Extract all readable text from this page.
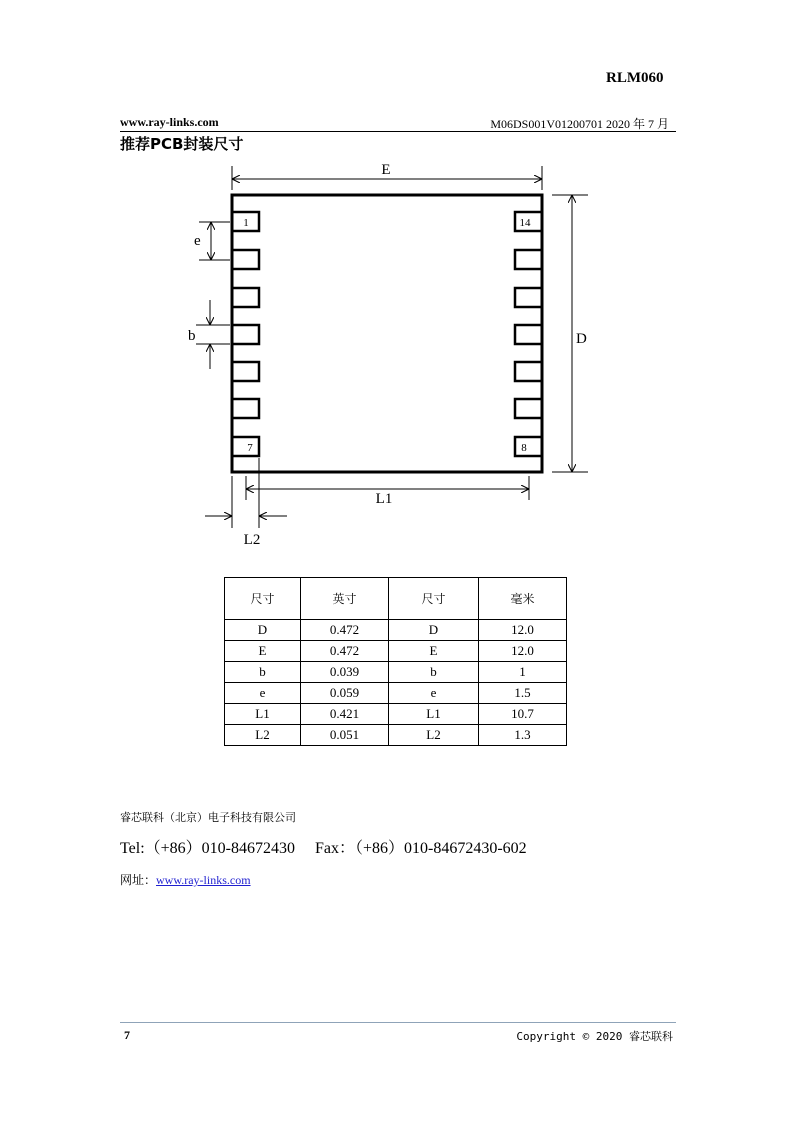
RLM060
www.ray-links.com	M06DS001V01200701 2020 年 7 月
推荐PCB封装尺寸
1
7	8
14
E
D
e
b
L1
L2
尺寸	英寸	尺寸	毫米
D	0.472	D	12.0
E	0.472	E	12.0
b	0.039	b	1
e	0.059	e	1.5
L1	0.421	L1	10.7
L2	0.051	L2	1.3
睿芯联科（北京）电子科技有限公司
Tel:（+86）010-84672430     Fax：（+86）010-84672430-602
网址：www.ray-links.com
7	Copyright © 2020 睿芯联科
